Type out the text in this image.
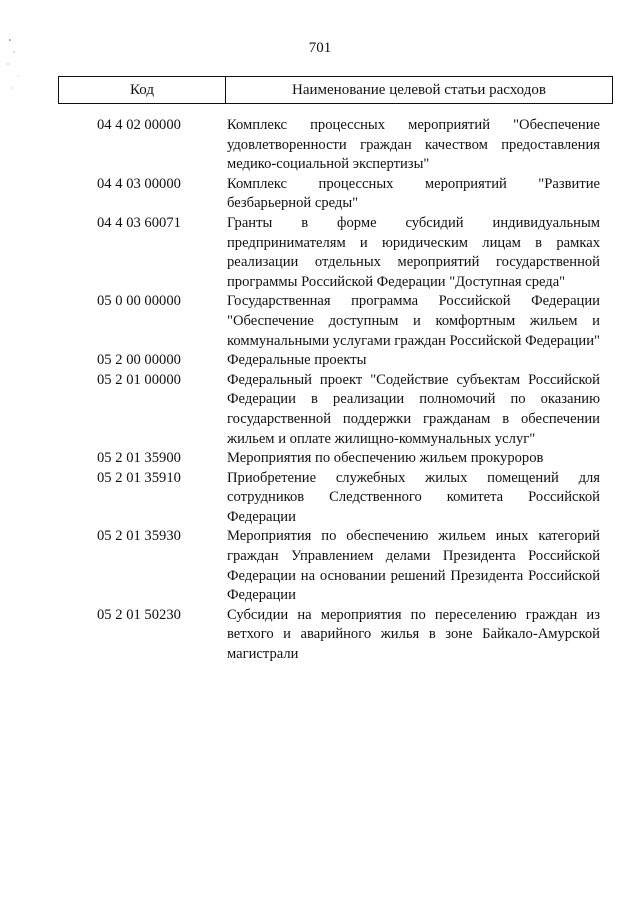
701
Код	Наименование целевой статьи расходов
04 4 02 00000	Комплекс процессных мероприятий "Обеспечение удовлетворенности граждан качеством предоставления медико-социальной экспертизы"
04 4 03 00000	Комплекс процессных мероприятий "Развитие безбарьерной среды"
04 4 03 60071	Гранты в форме субсидий индивидуальным предпринимателям и юридическим лицам в рамках реализации отдельных мероприятий государственной программы Российской Федерации "Доступная среда"
05 0 00 00000	Государственная программа Российской Федерации "Обеспечение доступным и комфортным жильем и коммунальными услугами граждан Российской Федерации"
05 2 00 00000	Федеральные проекты
05 2 01 00000	Федеральный проект "Содействие субъектам Российской Федерации в реализации полномочий по оказанию государственной поддержки гражданам в обеспечении жильем и оплате жилищно-коммунальных услуг"
05 2 01 35900	Мероприятия по обеспечению жильем прокуроров
05 2 01 35910	Приобретение служебных жилых помещений для сотрудников Следственного комитета Российской Федерации
05 2 01 35930	Мероприятия по обеспечению жильем иных категорий граждан Управлением делами Президента Российской Федерации на основании решений Президента Российской Федерации
05 2 01 50230	Субсидии на мероприятия по переселению граждан из ветхого и аварийного жилья в зоне Байкало-Амурской магистрали
